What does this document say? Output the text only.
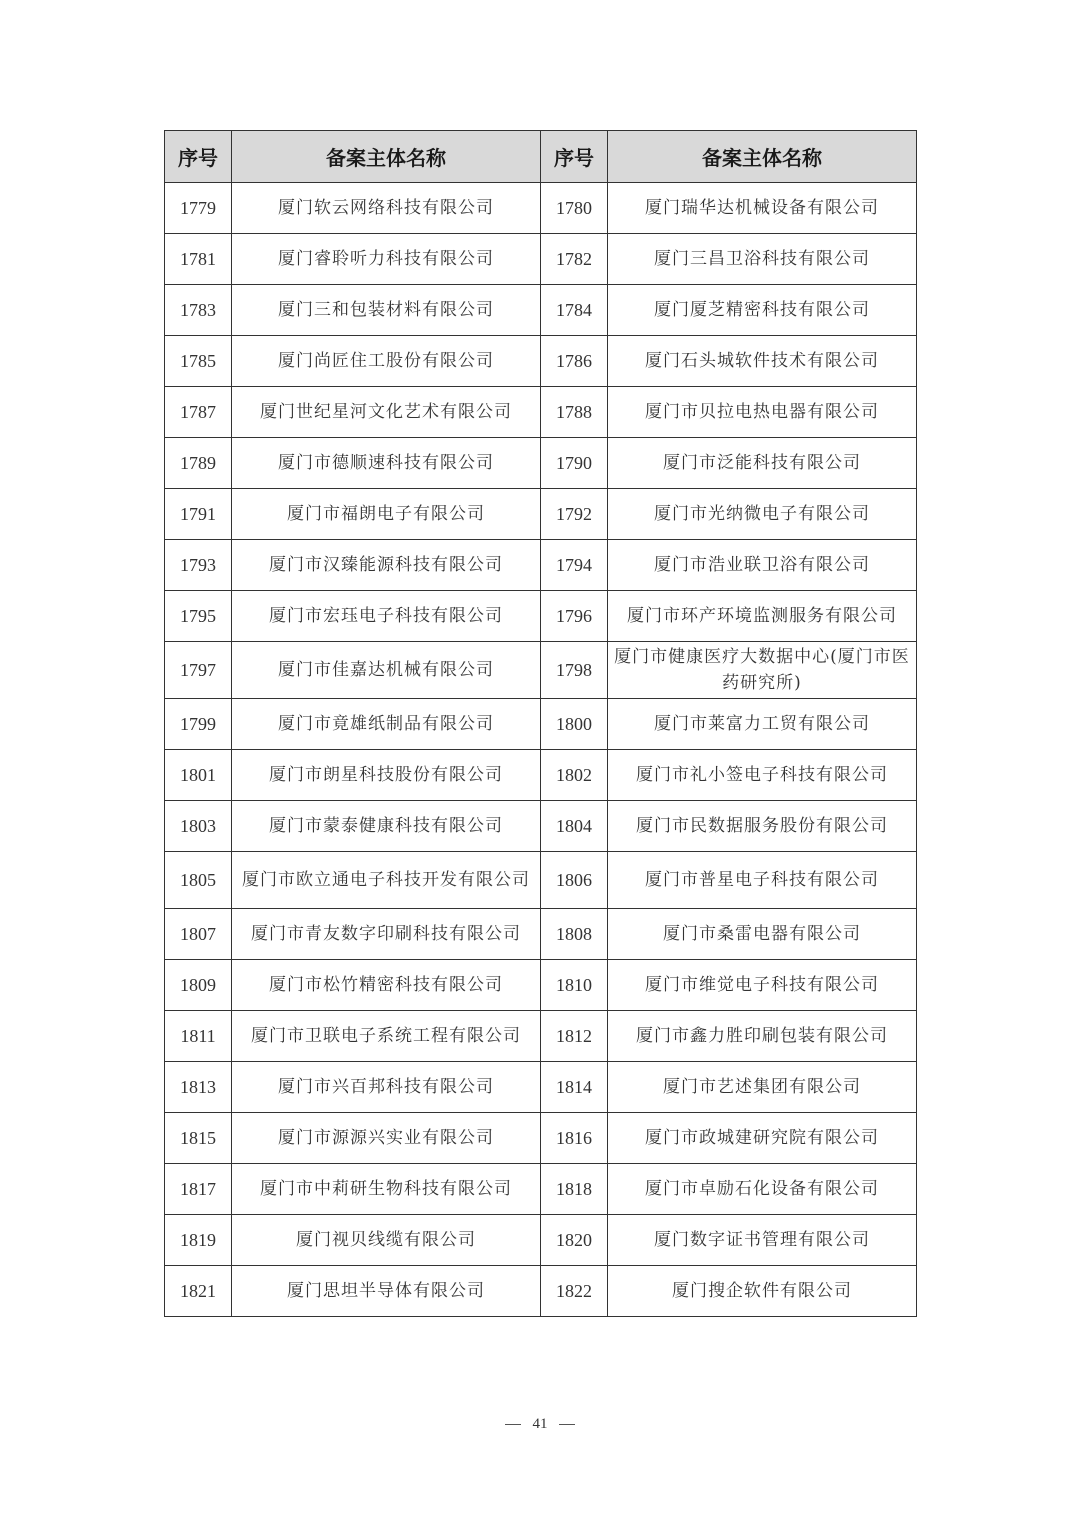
序号	备案主体名称	序号	备案主体名称
1779	厦门软云网络科技有限公司	1780	厦门瑞华达机械设备有限公司
1781	厦门睿聆听力科技有限公司	1782	厦门三昌卫浴科技有限公司
1783	厦门三和包装材料有限公司	1784	厦门厦芝精密科技有限公司
1785	厦门尚匠住工股份有限公司	1786	厦门石头城软件技术有限公司
1787	厦门世纪星河文化艺术有限公司	1788	厦门市贝拉电热电器有限公司
1789	厦门市德顺速科技有限公司	1790	厦门市泛能科技有限公司
1791	厦门市福朗电子有限公司	1792	厦门市光纳微电子有限公司
1793	厦门市汉臻能源科技有限公司	1794	厦门市浩业联卫浴有限公司
1795	厦门市宏珏电子科技有限公司	1796	厦门市环产环境监测服务有限公司
1797	厦门市佳嘉达机械有限公司	1798	厦门市健康医疗大数据中心(厦门市医药研究所)
1799	厦门市竟雄纸制品有限公司	1800	厦门市莱富力工贸有限公司
1801	厦门市朗星科技股份有限公司	1802	厦门市礼小签电子科技有限公司
1803	厦门市蒙泰健康科技有限公司	1804	厦门市民数据服务股份有限公司
1805	厦门市欧立通电子科技开发有限公司	1806	厦门市普星电子科技有限公司
1807	厦门市青友数字印刷科技有限公司	1808	厦门市桑雷电器有限公司
1809	厦门市松竹精密科技有限公司	1810	厦门市维觉电子科技有限公司
1811	厦门市卫联电子系统工程有限公司	1812	厦门市鑫力胜印刷包装有限公司
1813	厦门市兴百邦科技有限公司	1814	厦门市艺述集团有限公司
1815	厦门市源源兴实业有限公司	1816	厦门市政城建研究院有限公司
1817	厦门市中莉研生物科技有限公司	1818	厦门市卓励石化设备有限公司
1819	厦门视贝线缆有限公司	1820	厦门数字证书管理有限公司
1821	厦门思坦半导体有限公司	1822	厦门搜企软件有限公司
41
